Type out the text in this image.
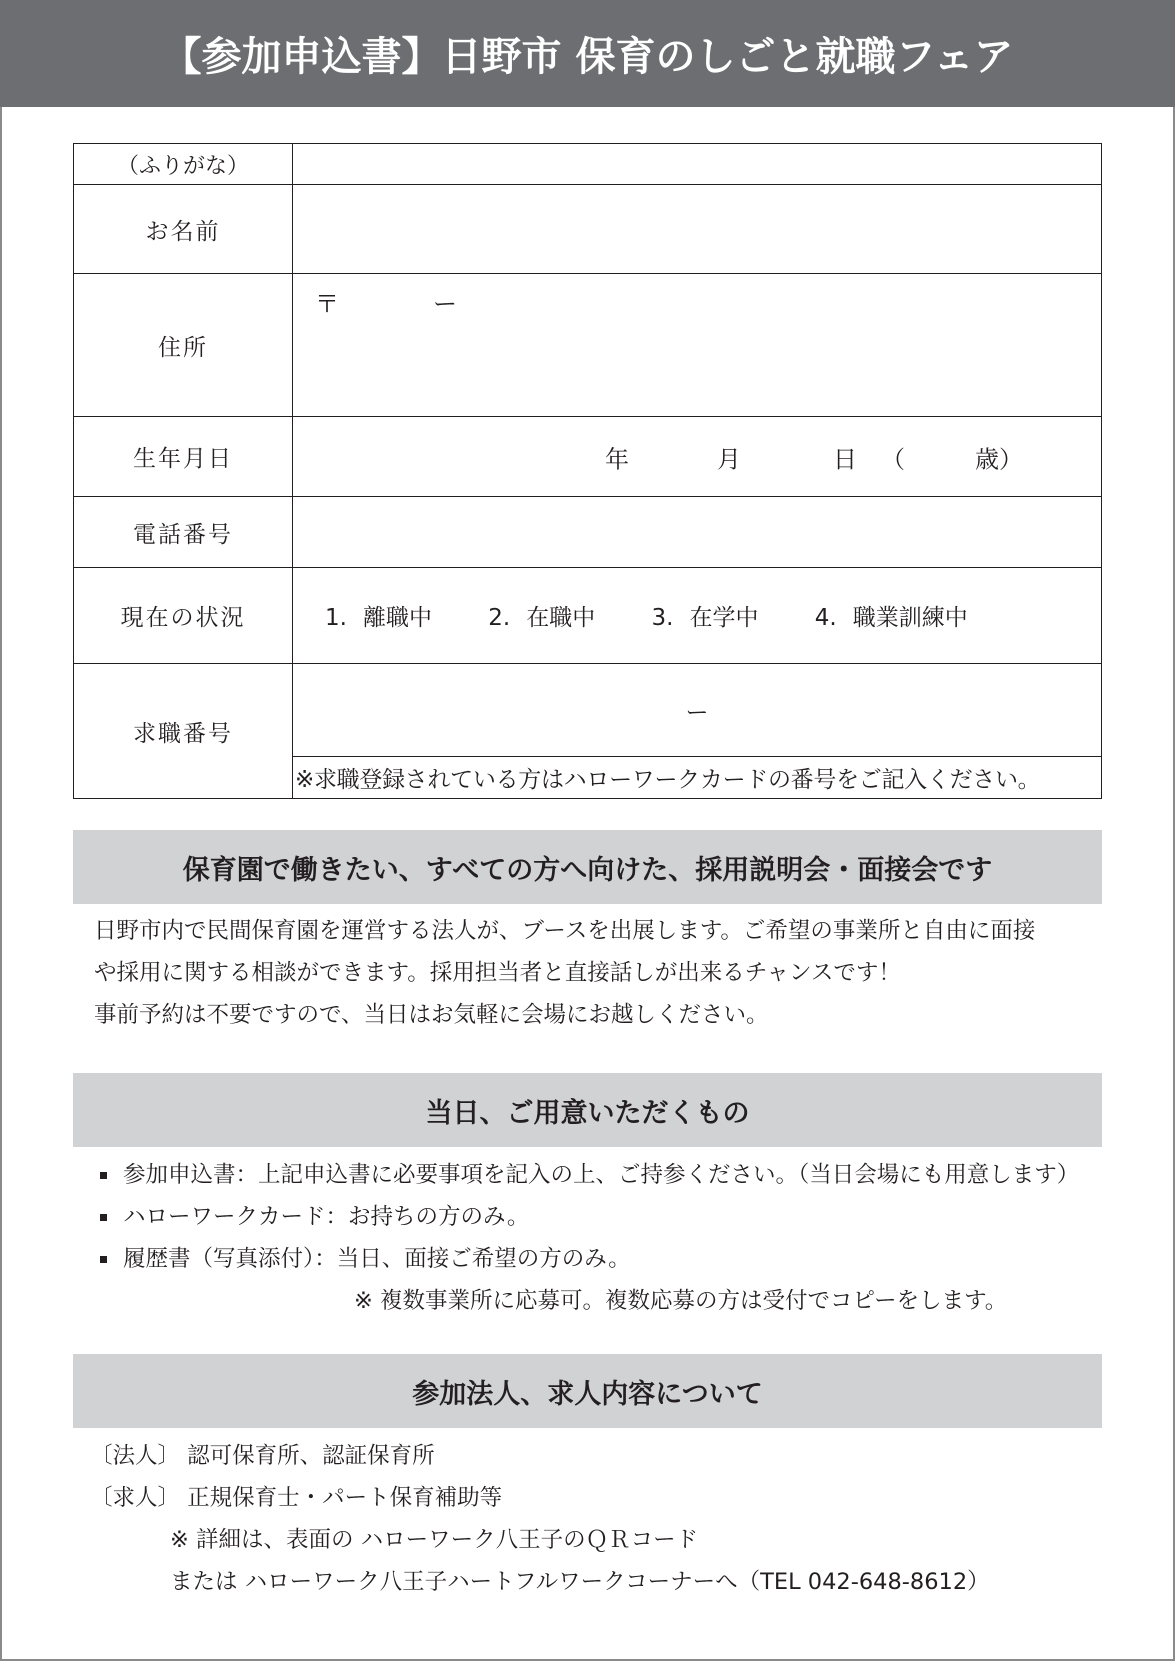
【参加申込書】日野市 保育のしごと就職フェア
（ふりがな）	
お名前	
住所	〒 ー

生年月日	年 月 日 （ 歳）

電話番号	
現在の状況	1. 離職中 2. 在職中 3. 在学中 4. 職業訓練中
求職番号	ー
	※求職登録されている方はハローワークカードの番号をご記入ください。
保育園で働きたい、すべての方へ向けた、採用説明会・面接会です
日野市内で民間保育園を運営する法人が、ブースを出展します。ご希望の事業所と自由に面接
や採用に関する相談ができます。採用担当者と直接話しが出来るチャンスです！
事前予約は不要ですので、当日はお気軽に会場にお越しください。
当日、ご用意いただくもの
参加申込書：上記申込書に必要事項を記入の上、ご持参ください。（当日会場にも用意します）
ハローワークカード：お持ちの方のみ。
履歴書（写真添付）：当日、面接ご希望の方のみ。
※ 複数事業所に応募可。複数応募の方は受付でコピーをします。
参加法人、求人内容について
〔法人〕 認可保育所、認証保育所
〔求人〕 正規保育士・パート保育補助等
※ 詳細は、表面の ハローワーク八王子のＱＲコード
または ハローワーク八王子ハートフルワークコーナーへ（TEL 042-648-8612）
